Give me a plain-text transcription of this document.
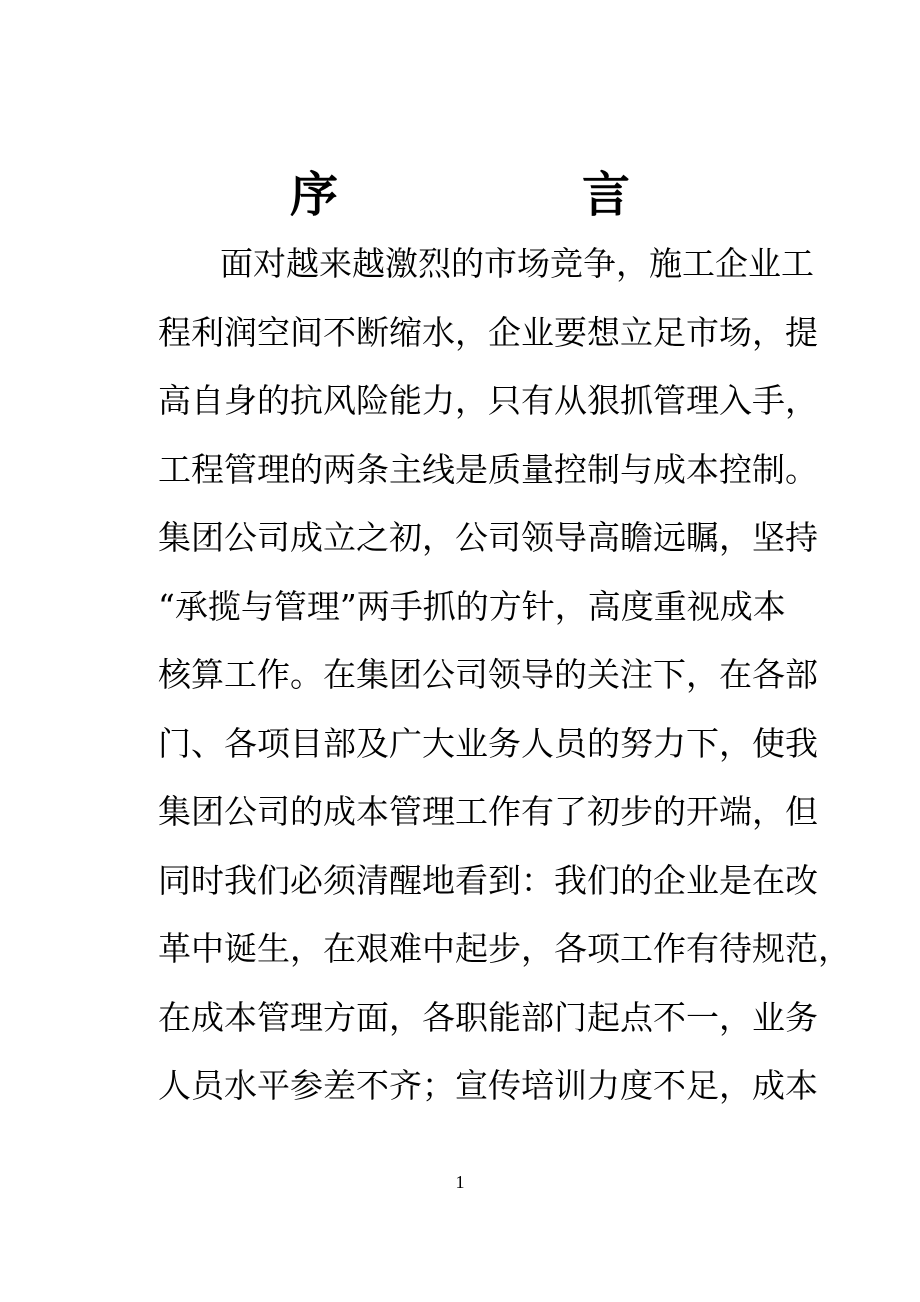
序	言
面对越来越激烈的市场竞争，施工企业工
程利润空间不断缩水，企业要想立足市场，提
高自身的抗风险能力，只有从狠抓管理入手，
工程管理的两条主线是质量控制与成本控制。
集团公司成立之初，公司领导高瞻远瞩，坚持
“承揽与管理”两手抓的方针，高度重视成本
核算工作。在集团公司领导的关注下，在各部
门、各项目部及广大业务人员的努力下，使我
集团公司的成本管理工作有了初步的开端，但
同时我们必须清醒地看到：我们的企业是在改
革中诞生，在艰难中起步，各项工作有待规范，
在成本管理方面，各职能部门起点不一，业务
人员水平参差不齐；宣传培训力度不足，成本
1
